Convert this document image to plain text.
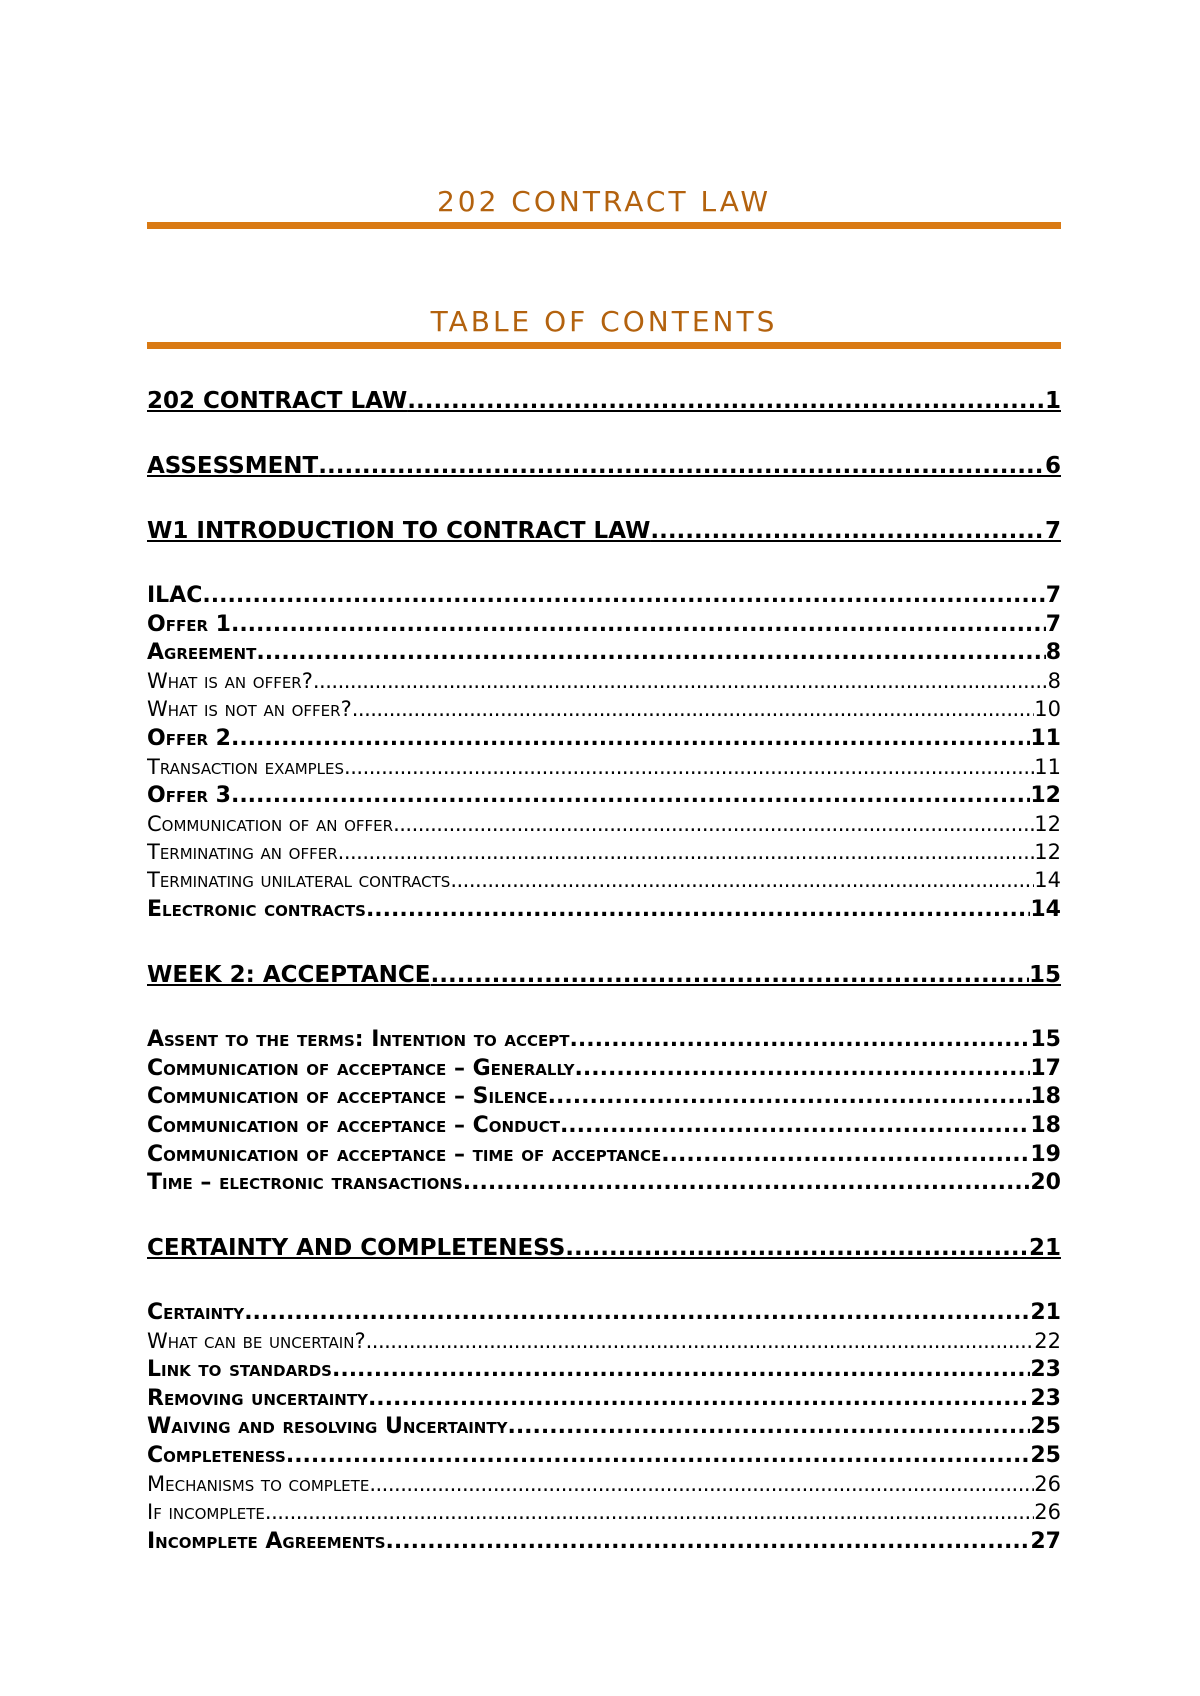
202 CONTRACT LAW
TABLE OF CONTENTS
202 CONTRACT LAW .....	1
ASSESSMENT .....	6
W1 INTRODUCTION TO CONTRACT LAW .....	7
ILAC .....	7
Offer 1 .....	7
Agreement .....	8
What is an offer? .....	8
What is not an offer? .....	10
Offer 2 .....	11
Transaction examples .....	11
Offer 3 .....	12
Communication of an offer .....	12
Terminating an offer .....	12
Terminating unilateral contracts .....	14
Electronic contracts .....	14
WEEK 2: ACCEPTANCE .....	15
Assent to the terms: Intention to accept .....	15
Communication of acceptance – Generally .....	17
Communication of acceptance – Silence .....	18
Communication of acceptance – Conduct .....	18
Communication of acceptance – time of acceptance .....	19
Time – electronic transactions .....	20
CERTAINTY AND COMPLETENESS .....	21
Certainty .....	21
What can be uncertain? .....	22
Link to standards .....	23
Removing uncertainty .....	23
Waiving and resolving Uncertainty .....	25
Completeness .....	25
Mechanisms to complete .....	26
If incomplete .....	26
Incomplete Agreements .....	27
